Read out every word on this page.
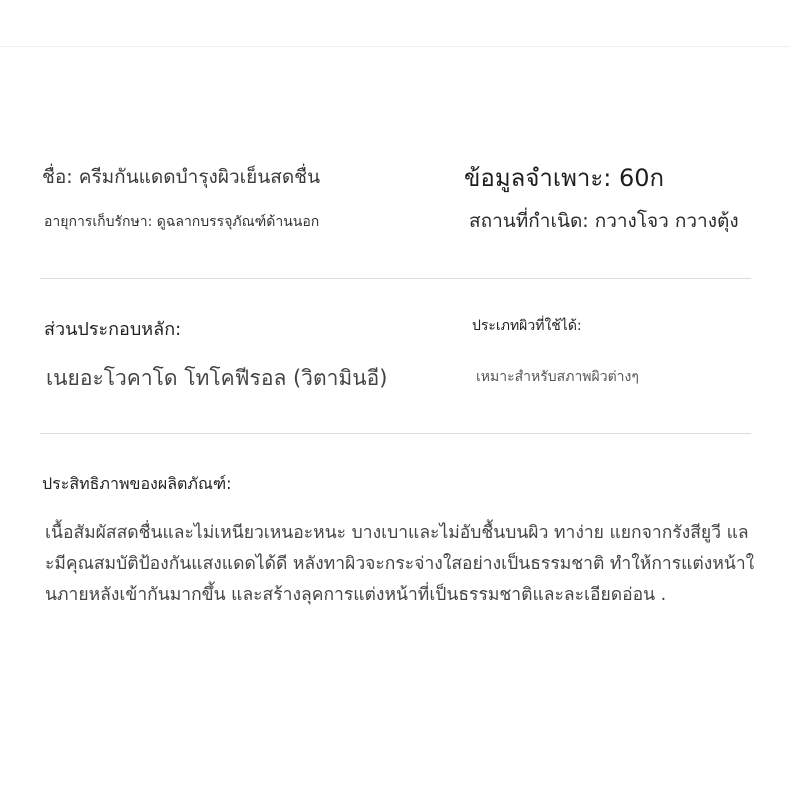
ชื่อ: ครีมกันแดดบำรุงผิวเย็นสดชื่น	ข้อมูลจำเพาะ: 60ก
อายุการเก็บรักษา: ดูฉลากบรรจุภัณฑ์ด้านนอก	สถานที่กำเนิด: กวางโจว กวางตุ้ง
ส่วนประกอบหลัก:
เนยอะโวคาโด โทโคฟีรอล (วิตามินอี)
ประเภทผิวที่ใช้ได้:
เหมาะสำหรับสภาพผิวต่างๆ
ประสิทธิภาพของผลิตภัณฑ์:
เนื้อสัมผัสสดชื่นและไม่เหนียวเหนอะหนะ บางเบาและไม่อับชื้นบนผิว ทาง่าย แยกจากรังสียูวี และมีคุณสมบัติป้องกันแสงแดดได้ดี หลังทาผิวจะกระจ่างใสอย่างเป็นธรรมชาติ ทำให้การแต่งหน้าในภายหลังเข้ากันมากขึ้น และสร้างลุคการแต่งหน้าที่เป็นธรรมชาติและละเอียดอ่อน .
